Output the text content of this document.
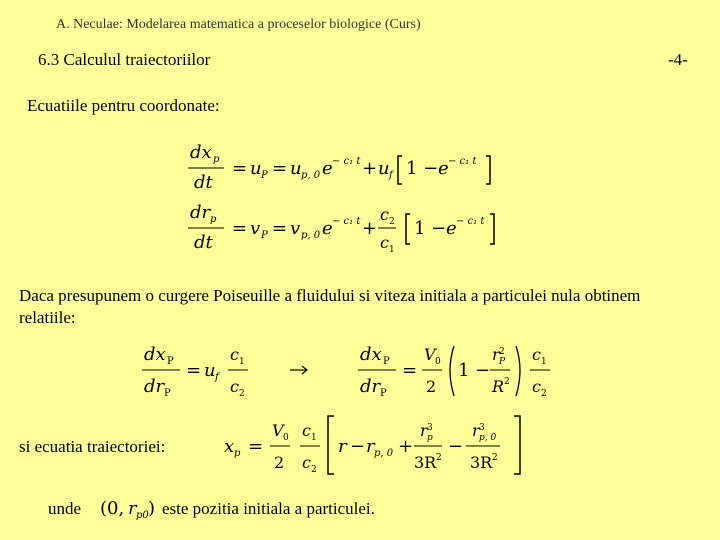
A. Neculae: Modelarea matematica a proceselor biologice (Curs)
6.3 Calculul traiectoriilor	-4-
Ecuatiile pentru coordonate:
dx p
dt
= u P = u p, 0 e − c₁ t + u f 1 − e − c₁ t
dr p
dt
= v P = v p, 0 e − c₁ t +
c 2
c 1
1 − e − c₁ t
Daca presupunem o curgere Poiseuille a fluidului si viteza initiala a particulei nula obtinem relatiile:
dx P
dr P
= u f
c 1
c 2
dx P
dr P
=
V 0
2
1 −
r 2
P
R 2
c 1
c 2
si ecuatia traiectoriei:	x p =
V 0
2
c 1
c 2
r − r p, 0 +
r 3
p
3R 2
−
r 3
p, 0
3R 2
unde (0, r p0 ) este pozitia initiala a particulei.
